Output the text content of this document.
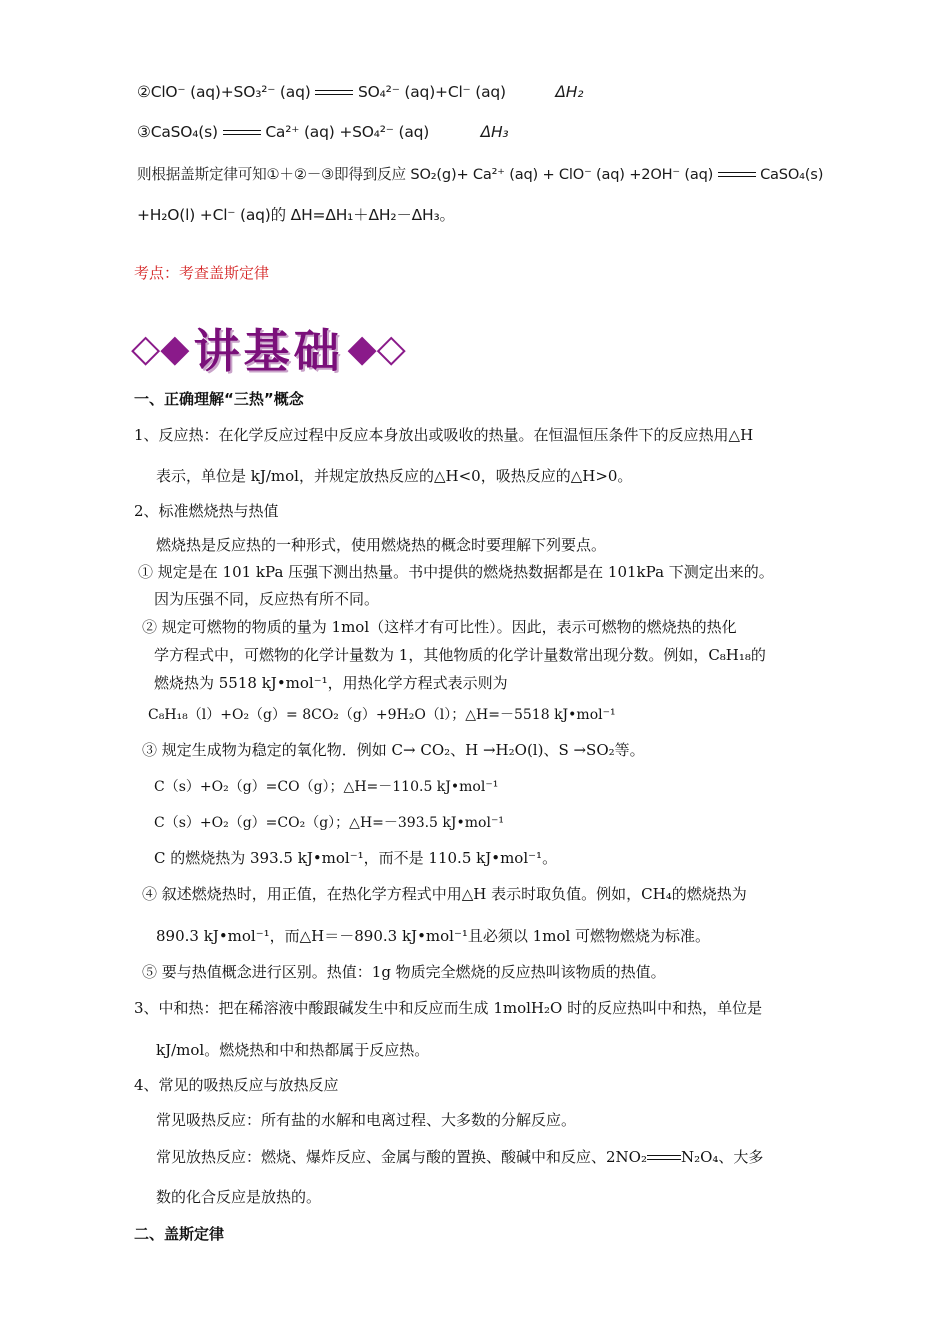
②ClO⁻ (aq)+SO₃²⁻ (aq)	SO₄²⁻ (aq)+Cl⁻ (aq)	ΔH₂
③CaSO₄(s)	Ca²⁺ (aq) +SO₄²⁻ (aq)	ΔH₃
则根据盖斯定律可知①＋②－③即得到反应 SO₂(g)+ Ca²⁺ (aq) + ClO⁻ (aq) +2OH⁻ (aq)	CaSO₄(s)
+H₂O(l) +Cl⁻ (aq)的 ΔH=ΔH₁＋ΔH₂－ΔH₃。
考点：考查盖斯定律
◇◆ 讲基础 ◆◇
一、正确理解“三热”概念
1、反应热：在化学反应过程中反应本身放出或吸收的热量。在恒温恒压条件下的反应热用△H
表示，单位是 kJ/mol，并规定放热反应的△H<0，吸热反应的△H>0。
2、标准燃烧热与热值
燃烧热是反应热的一种形式，使用燃烧热的概念时要理解下列要点。
① 规定是在 101 kPa 压强下测出热量。书中提供的燃烧热数据都是在 101kPa 下测定出来的。
因为压强不同，反应热有所不同。
② 规定可燃物的物质的量为 1mol（这样才有可比性）。因此，表示可燃物的燃烧热的热化
学方程式中，可燃物的化学计量数为 1，其他物质的化学计量数常出现分数。例如，C₈H₁₈的
燃烧热为 5518 kJ•mol⁻¹，用热化学方程式表示则为
C₈H₁₈（l）+O₂（g）= 8CO₂（g）+9H₂O（l）；△H=－5518 kJ•mol⁻¹
③ 规定生成物为稳定的氧化物．例如 C→ CO₂、H →H₂O(l)、S →SO₂等。
C（s）+O₂（g）=CO（g）；△H=－110.5 kJ•mol⁻¹
C（s）+O₂（g）=CO₂（g）；△H=－393.5 kJ•mol⁻¹
C 的燃烧热为 393.5 kJ•mol⁻¹，而不是 110.5 kJ•mol⁻¹。
④ 叙述燃烧热时，用正值，在热化学方程式中用△H 表示时取负值。例如，CH₄的燃烧热为
890.3 kJ•mol⁻¹，而△H＝－890.3 kJ•mol⁻¹且必须以 1mol 可燃物燃烧为标准。
⑤ 要与热值概念进行区别。热值：1g 物质完全燃烧的反应热叫该物质的热值。
3、中和热：把在稀溶液中酸跟碱发生中和反应而生成 1molH₂O 时的反应热叫中和热，单位是
kJ/mol。燃烧热和中和热都属于反应热。
4、常见的吸热反应与放热反应
常见吸热反应：所有盐的水解和电离过程、大多数的分解反应。
常见放热反应：燃烧、爆炸反应、金属与酸的置换、酸碱中和反应、2NO₂ N₂O₄、大多
数的化合反应是放热的。
二、盖斯定律
